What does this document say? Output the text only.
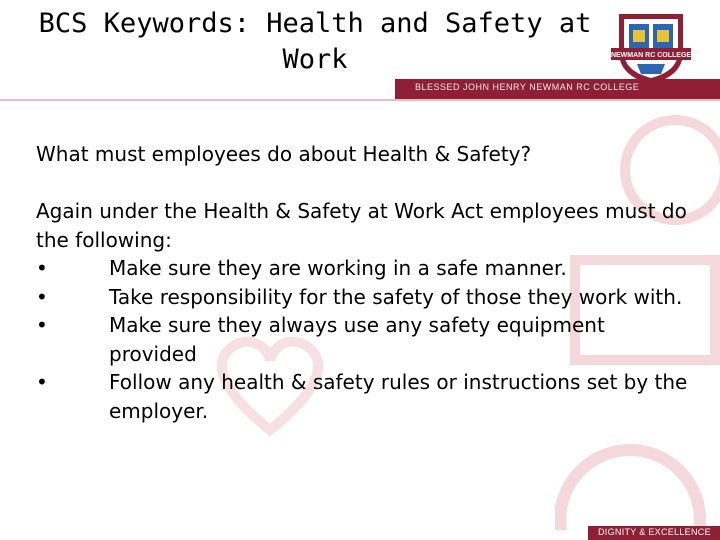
BLESSED JOHN HENRY NEWMAN RC COLLEGE
BCS Keywords: Health and Safety at
Work	NEWMAN RC COLLEGE
What must employees do about Health & Safety?

Again under the Health & Safety at Work Act employees must do the following:

•	Make sure they are working in a safe manner.
•	Take responsibility for the safety of those they work with.
•	Make sure they always use any safety equipment provided
•	Follow any health & safety rules or instructions set by the employer.
DIGNITY & EXCELLENCE
